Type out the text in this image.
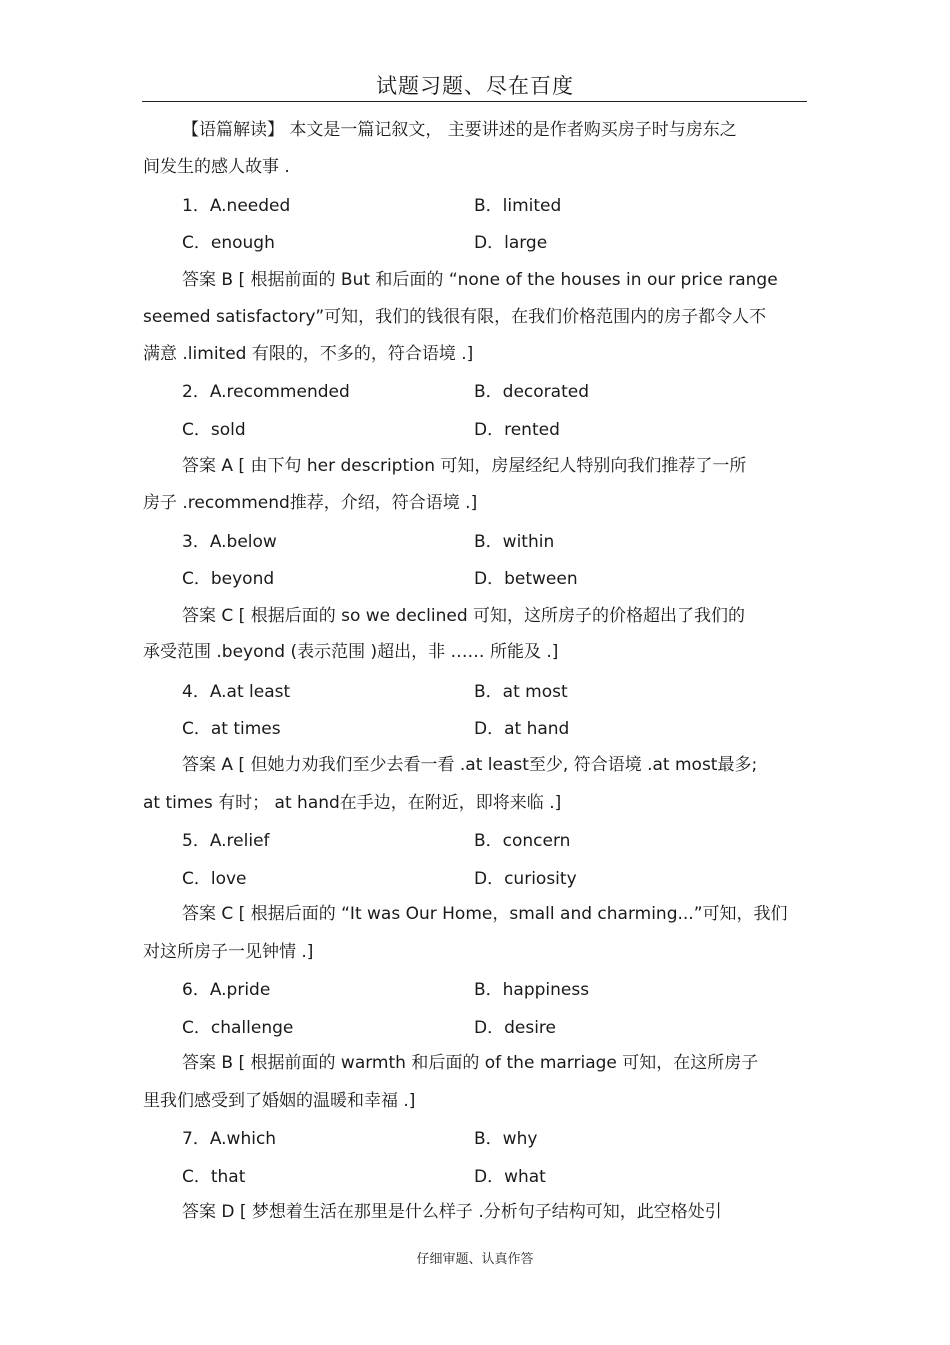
试题习题、尽在百度
【语篇解读】 本文是一篇记叙文， 主要讲述的是作者购买房子时与房东之
间发生的感人故事 .
1．A.needed	B．limited
C．enough	D．large
答案 B [ 根据前面的 But 和后面的 “none of the houses in our price range
seemed satisfactory”可知，我们的钱很有限，在我们价格范围内的房子都令人不
满意 .limited 有限的，不多的，符合语境 .]
2．A.recommended	B．decorated
C．sold	D．rented
答案 A [ 由下句 her description 可知，房屋经纪人特别向我们推荐了一所
房子 .recommend推荐，介绍，符合语境 .]
3．A.below	B．within
C．beyond	D．between
答案 C [ 根据后面的 so we declined 可知，这所房子的价格超出了我们的
承受范围 .beyond (表示范围 )超出，非 …… 所能及 .]
4．A.at least	B．at most
C．at times	D．at hand
答案 A [ 但她力劝我们至少去看一看 .at least至少, 符合语境 .at most最多;
at times 有时； at hand在手边，在附近，即将来临 .]
5．A.relief	B．concern
C．love	D．curiosity
答案 C [ 根据后面的 “It was Our Home，small and charming...”可知，我们
对这所房子一见钟情 .]
6．A.pride	B．happiness
C．challenge	D．desire
答案 B [ 根据前面的 warmth 和后面的 of the marriage 可知，在这所房子
里我们感受到了婚姻的温暖和幸福 .]
7．A.which	B．why
C．that	D．what
答案 D [ 梦想着生活在那里是什么样子 .分析句子结构可知，此空格处引
仔细审题、认真作答
